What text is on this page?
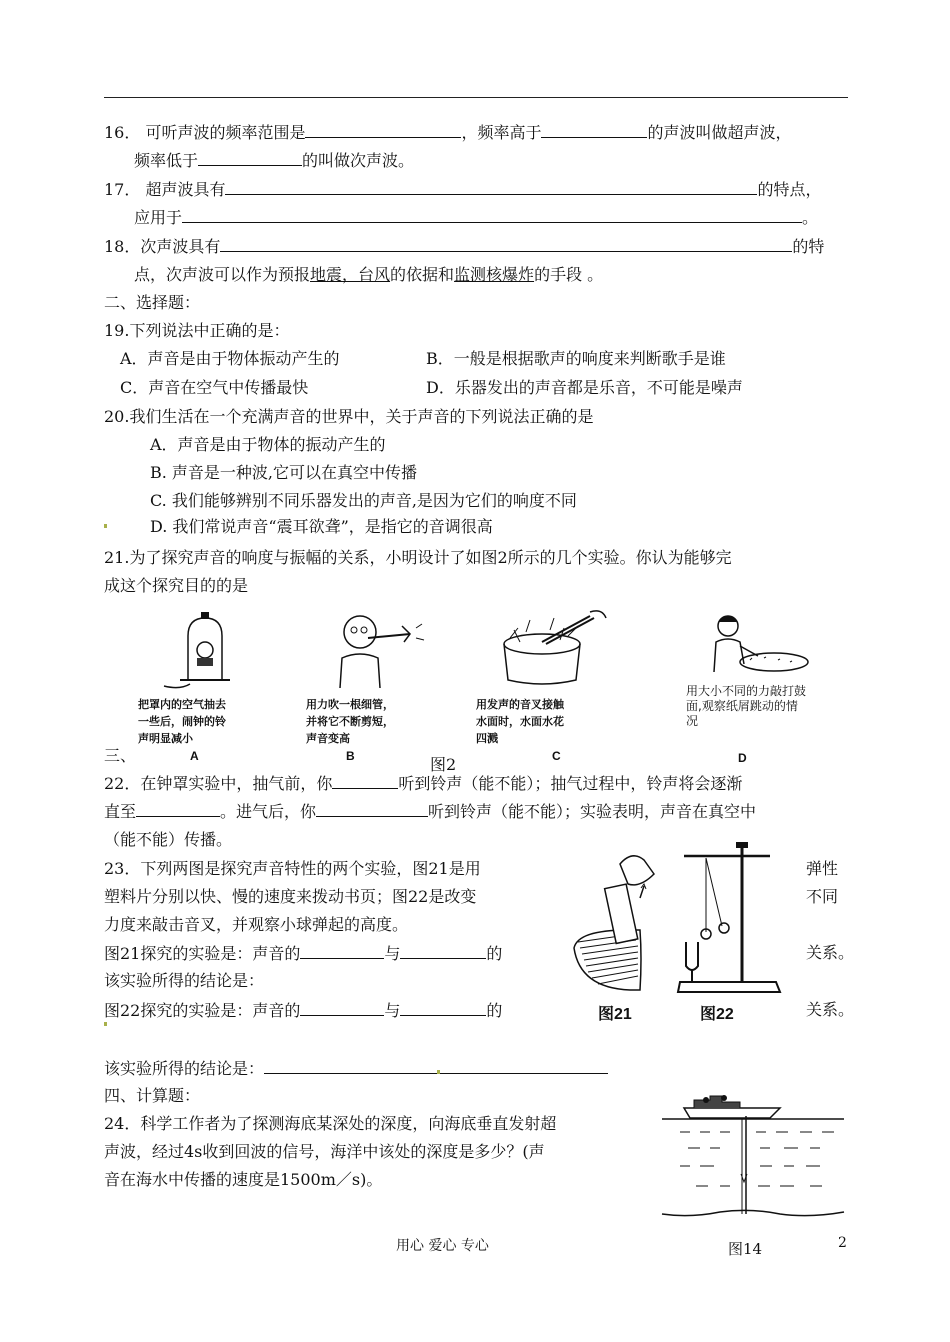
16． 可听声波的频率范围是	，频率高于	的声波叫做超声波，
频率低于	的叫做次声波。
17． 超声波具有	的特点，
应用于	。
18．次声波具有	的特
点，次声波可以作为预报地震，台风的依据和监测核爆炸的手段 。
二、选择题：
19.下列说法中正确的是：
A．声音是由于物体振动产生的	B．一般是根据歌声的响度来判断歌手是谁
C．声音在空气中传播最快	D．乐器发出的声音都是乐音，不可能是噪声
20.我们生活在一个充满声音的世界中，关于声音的下列说法正确的是
A．声音是由于物体的振动产生的
B. 声音是一种波,它可以在真空中传播
C. 我们能够辨别不同乐器发出的声音,是因为它们的响度不同
D. 我们常说声音“震耳欲聋”，是指它的音调很高
21.为了探究声音的响度与振幅的关系，小明设计了如图2所示的几个实验。你认为能够完
成这个探究目的的是
把罩内的空气抽去
一些后，闹钟的铃
声明显减小
用力吹一根细管，
并将它不断剪短，
声音变高
用发声的音叉接触
水面时，水面水花
四溅
用大小不同的力敲打鼓
面,观察纸屑跳动的情
况
三、	A	B	图2	C	D
22．在钟罩实验中，抽气前，你	听到铃声（能不能）；抽气过程中，铃声将会逐渐
直至	。进气后，你	听到铃声（能不能）；实验表明，声音在真空中
（能不能）传播。
23．下列两图是探究声音特性的两个实验，图21是用	弹性
塑料片分别以快、慢的速度来拨动书页；图22是改变	不同
力度来敲击音叉，并观察小球弹起的高度。
图21探究的实验是：声音的	与	的	关系。
该实验所得的结论是：
图22探究的实验是：声音的	与	的	关系。
图21	图22
该实验所得的结论是：
四、计算题：
24．科学工作者为了探测海底某深处的深度，向海底垂直发射超
声波，经过4s收到回波的信号，海洋中该处的深度是多少？(声
音在海水中传播的速度是1500m／s)。
图14
用心 爱心 专心	2
